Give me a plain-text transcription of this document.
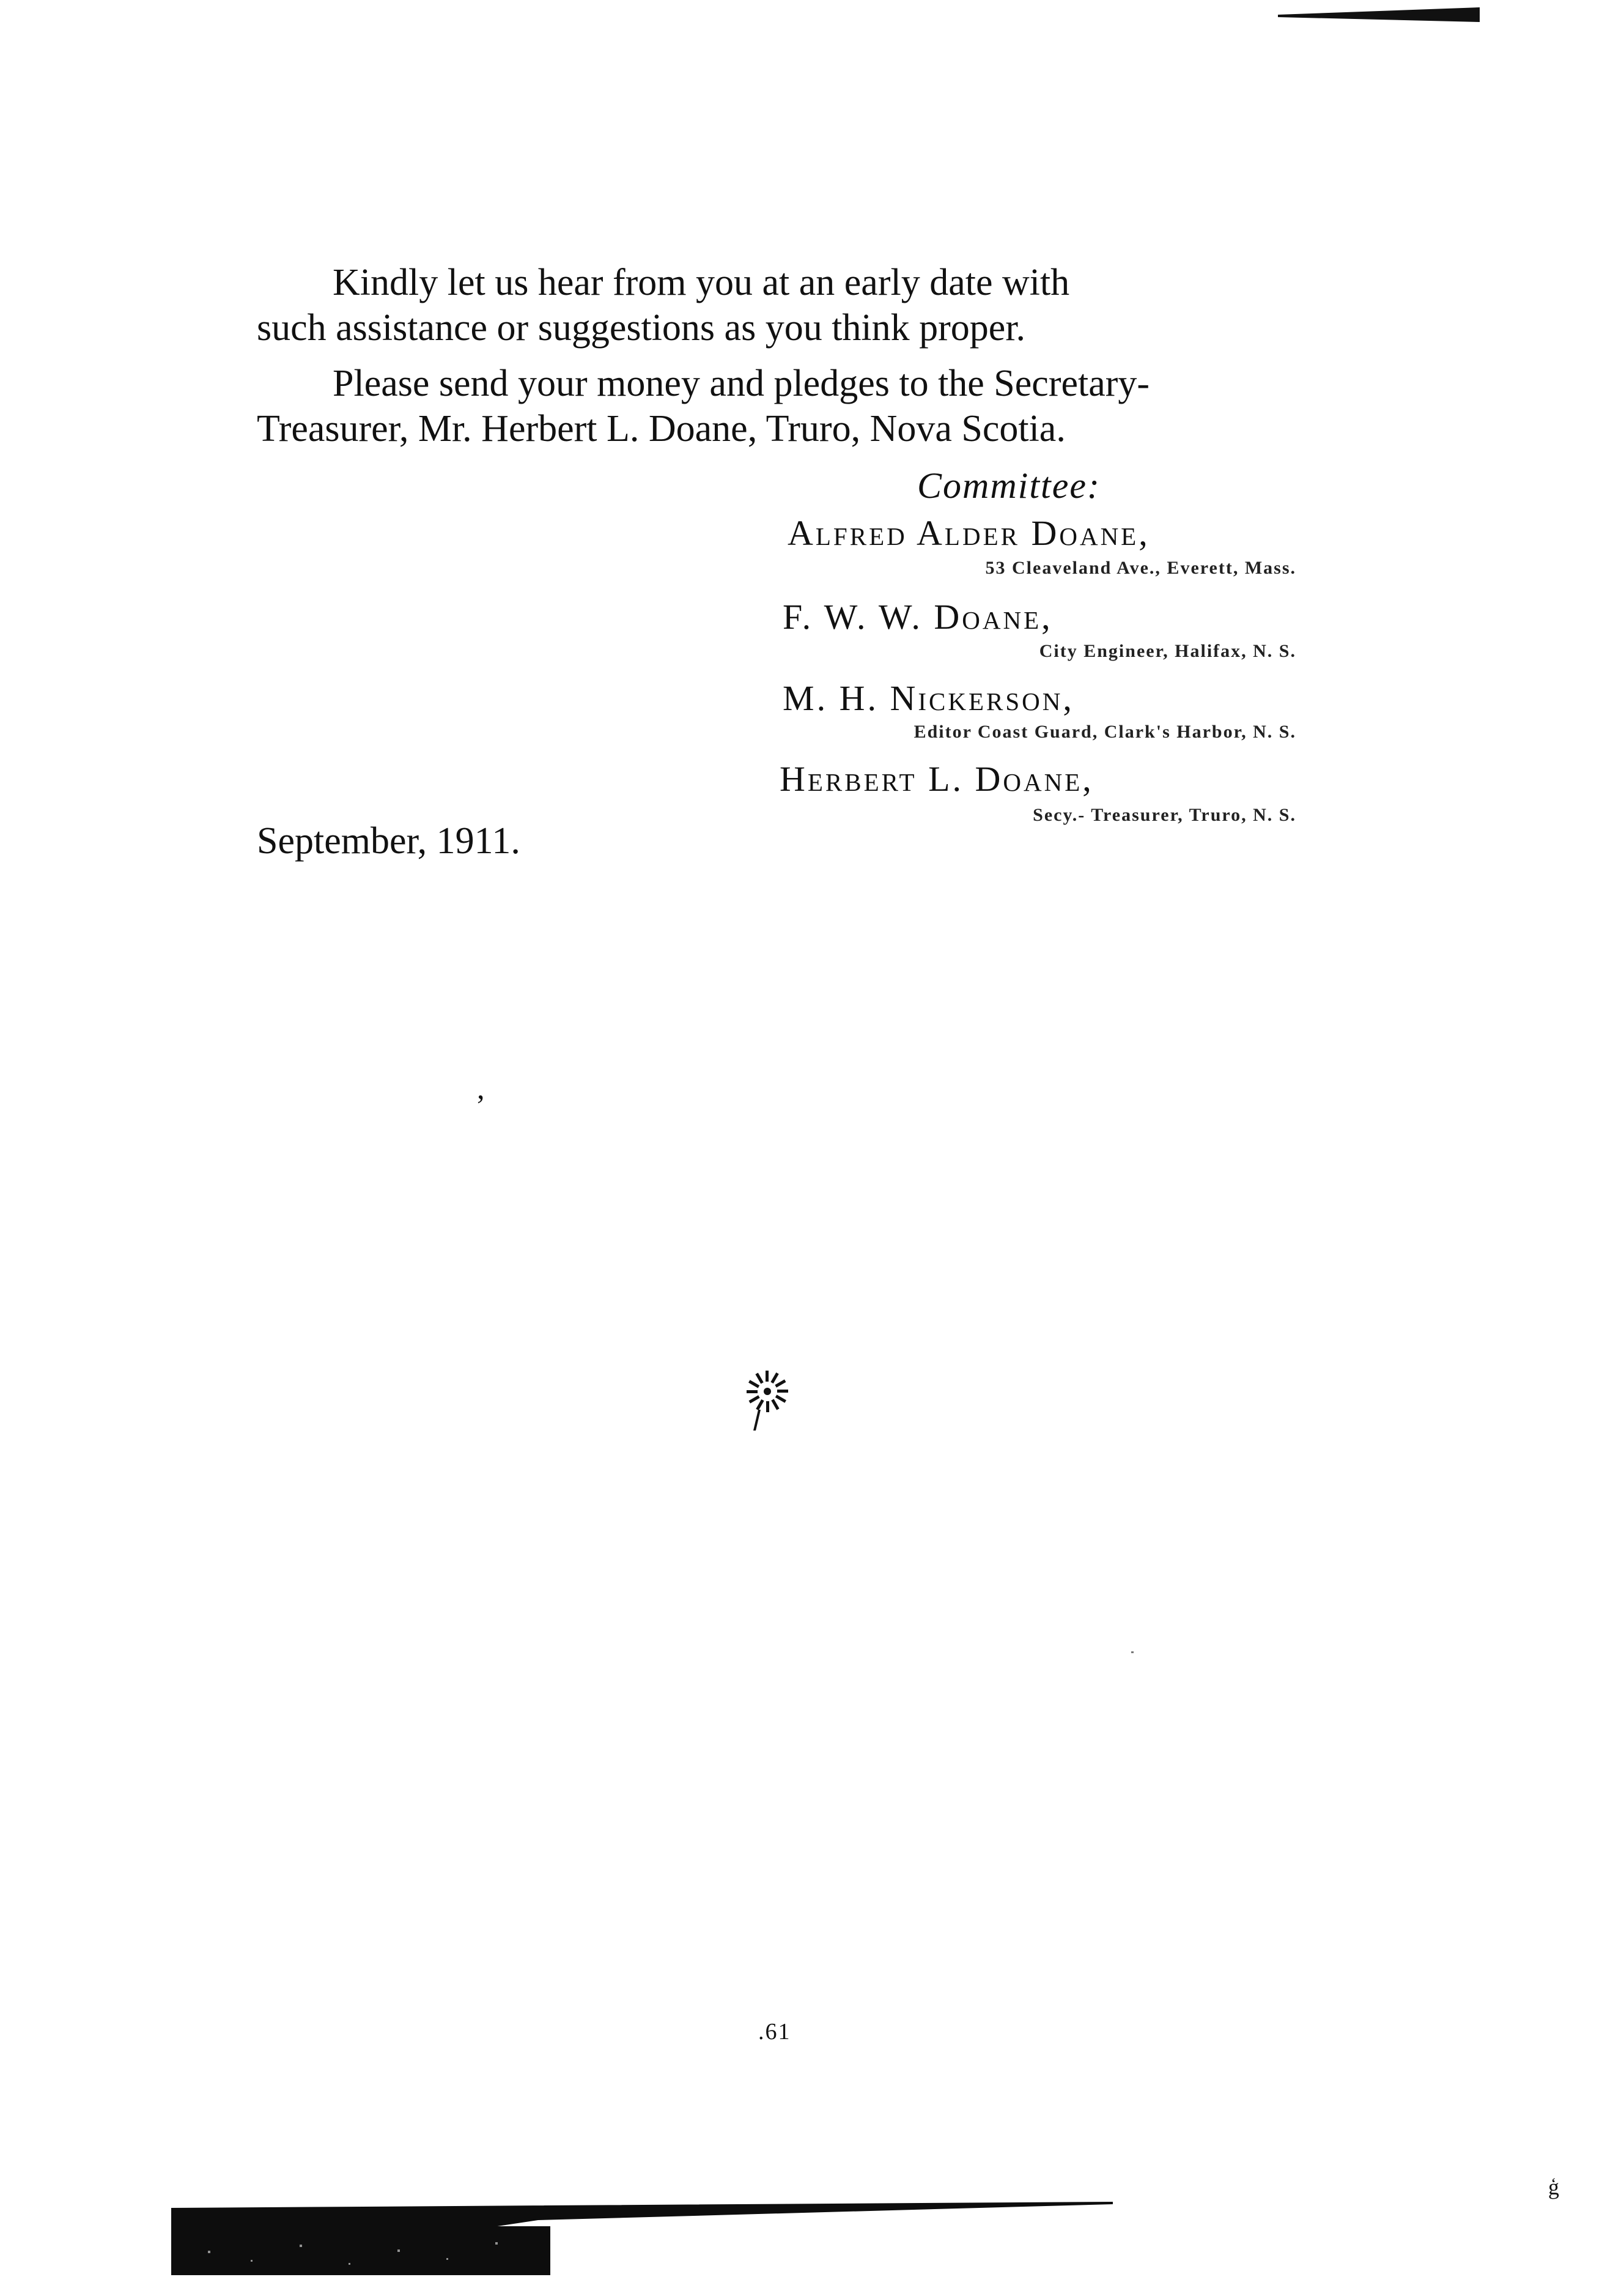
Kindly let us hear from you at an early date with
such assistance or suggestions as you think proper.
Please send your money and pledges to the Secretary-
Treasurer, Mr. Herbert L. Doane, Truro, Nova Scotia.
Committee:
Alfred Alder Doane,
53 Cleaveland Ave., Everett, Mass.
F. W. W. Doane,
City Engineer, Halifax, N. S.
M. H. Nickerson,
Editor Coast Guard, Clark's Harbor, N. S.
Herbert L. Doane,
Secy.- Treasurer, Truro, N. S.
September, 1911.
,
.61
ģ
